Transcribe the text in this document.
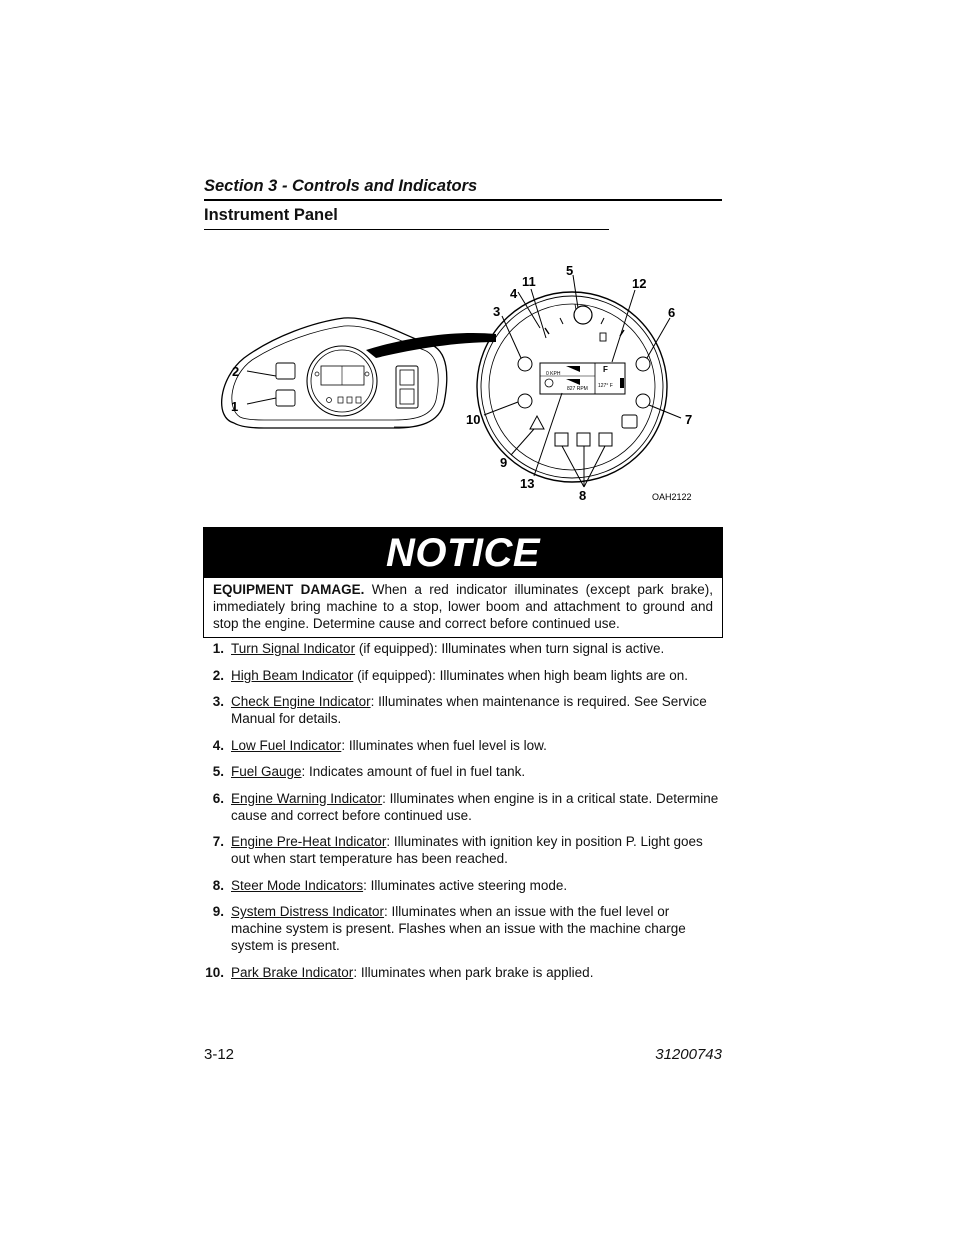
Section 3 - Controls and Indicators
Instrument Panel
1
2
3
4
5
6
7
8
9
10
11	12
13
0 KPH
827 RPM
F
127° F
OAH2122
NOTICE
EQUIPMENT DAMAGE. When a red indicator illuminates (except park brake), immediately bring machine to a stop, lower boom and attachment to ground and stop the engine. Determine cause and correct before continued use.
1. Turn Signal Indicator (if equipped): Illuminates when turn signal is active.
2. High Beam Indicator (if equipped): Illuminates when high beam lights are on.
3. Check Engine Indicator: Illuminates when maintenance is required. See Service Manual for details.
4. Low Fuel Indicator: Illuminates when fuel level is low.
5. Fuel Gauge: Indicates amount of fuel in fuel tank.
6. Engine Warning Indicator: Illuminates when engine is in a critical state. Determine cause and correct before continued use.
7. Engine Pre-Heat Indicator: Illuminates with ignition key in position P. Light goes out when start temperature has been reached.
8. Steer Mode Indicators: Illuminates active steering mode.
9. System Distress Indicator: Illuminates when an issue with the fuel level or machine system is present. Flashes when an issue with the machine charge system is present.
10. Park Brake Indicator: Illuminates when park brake is applied.
3-12	31200743
